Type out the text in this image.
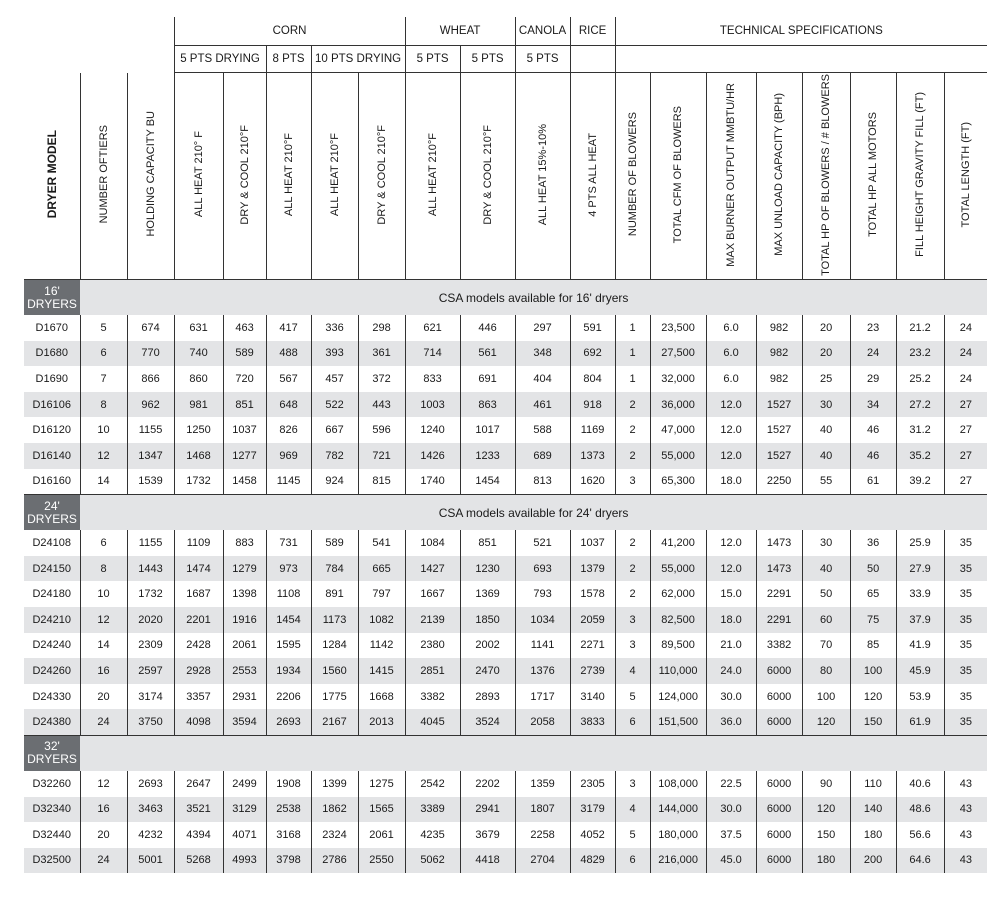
			CORN					WHEAT		CANOLA	RICE	TECHNICAL SPECIFICATIONS							
			5 PTS DRYING		8 PTS	10 PTS DRYING		5 PTS	5 PTS	5 PTS									
DRYER MODEL	NUMBER OFTIERS	HOLDING CAPACITY BU	ALL HEAT 210° F	DRY & COOL 210°F	ALL HEAT 210°F	ALL HEAT 210°F	DRY & COOL 210°F	ALL HEAT 210°F	DRY & COOL 210°F	ALL HEAT 15%-10%	4 PTS ALL HEAT	NUMBER OF BLOWERS	TOTAL CFM OF BLOWERS	MAX BURNER OUTPUT MMBTU/HR	MAX UNLOAD CAPACITY (BPH)	TOTAL HP OF BLOWERS / # BLOWERS	TOTAL HP ALL MOTORS	FILL HEIGHT GRAVITY FILL (FT)	TOTAL LENGTH (FT)

16'
DRYERS	CSA models available for 16' dryers																		
D1670	5	674	631	463	417	336	298	621	446	297	591	1	23,500	6.0	982	20	23	21.2	24
D1680	6	770	740	589	488	393	361	714	561	348	692	1	27,500	6.0	982	20	24	23.2	24
D1690	7	866	860	720	567	457	372	833	691	404	804	1	32,000	6.0	982	25	29	25.2	24
D16106	8	962	981	851	648	522	443	1003	863	461	918	2	36,000	12.0	1527	30	34	27.2	27
D16120	10	1155	1250	1037	826	667	596	1240	1017	588	1169	2	47,000	12.0	1527	40	46	31.2	27
D16140	12	1347	1468	1277	969	782	721	1426	1233	689	1373	2	55,000	12.0	1527	40	46	35.2	27
D16160	14	1539	1732	1458	1145	924	815	1740	1454	813	1620	3	65,300	18.0	2250	55	61	39.2	27

24'
DRYERS	CSA models available for 24' dryers																		
D24108	6	1155	1109	883	731	589	541	1084	851	521	1037	2	41,200	12.0	1473	30	36	25.9	35
D24150	8	1443	1474	1279	973	784	665	1427	1230	693	1379	2	55,000	12.0	1473	40	50	27.9	35
D24180	10	1732	1687	1398	1108	891	797	1667	1369	793	1578	2	62,000	15.0	2291	50	65	33.9	35
D24210	12	2020	2201	1916	1454	1173	1082	2139	1850	1034	2059	3	82,500	18.0	2291	60	75	37.9	35
D24240	14	2309	2428	2061	1595	1284	1142	2380	2002	1141	2271	3	89,500	21.0	3382	70	85	41.9	35
D24260	16	2597	2928	2553	1934	1560	1415	2851	2470	1376	2739	4	110,000	24.0	6000	80	100	45.9	35
D24330	20	3174	3357	2931	2206	1775	1668	3382	2893	1717	3140	5	124,000	30.0	6000	100	120	53.9	35
D24380	24	3750	4098	3594	2693	2167	2013	4045	3524	2058	3833	6	151,500	36.0	6000	120	150	61.9	35

32'
DRYERS																			

D32260	12	2693	2647	2499	1908	1399	1275	2542	2202	1359	2305	3	108,000	22.5	6000	90	110	40.6	43
D32340	16	3463	3521	3129	2538	1862	1565	3389	2941	1807	3179	4	144,000	30.0	6000	120	140	48.6	43
D32440	20	4232	4394	4071	3168	2324	2061	4235	3679	2258	4052	5	180,000	37.5	6000	150	180	56.6	43
D32500	24	5001	5268	4993	3798	2786	2550	5062	4418	2704	4829	6	216,000	45.0	6000	180	200	64.6	43
